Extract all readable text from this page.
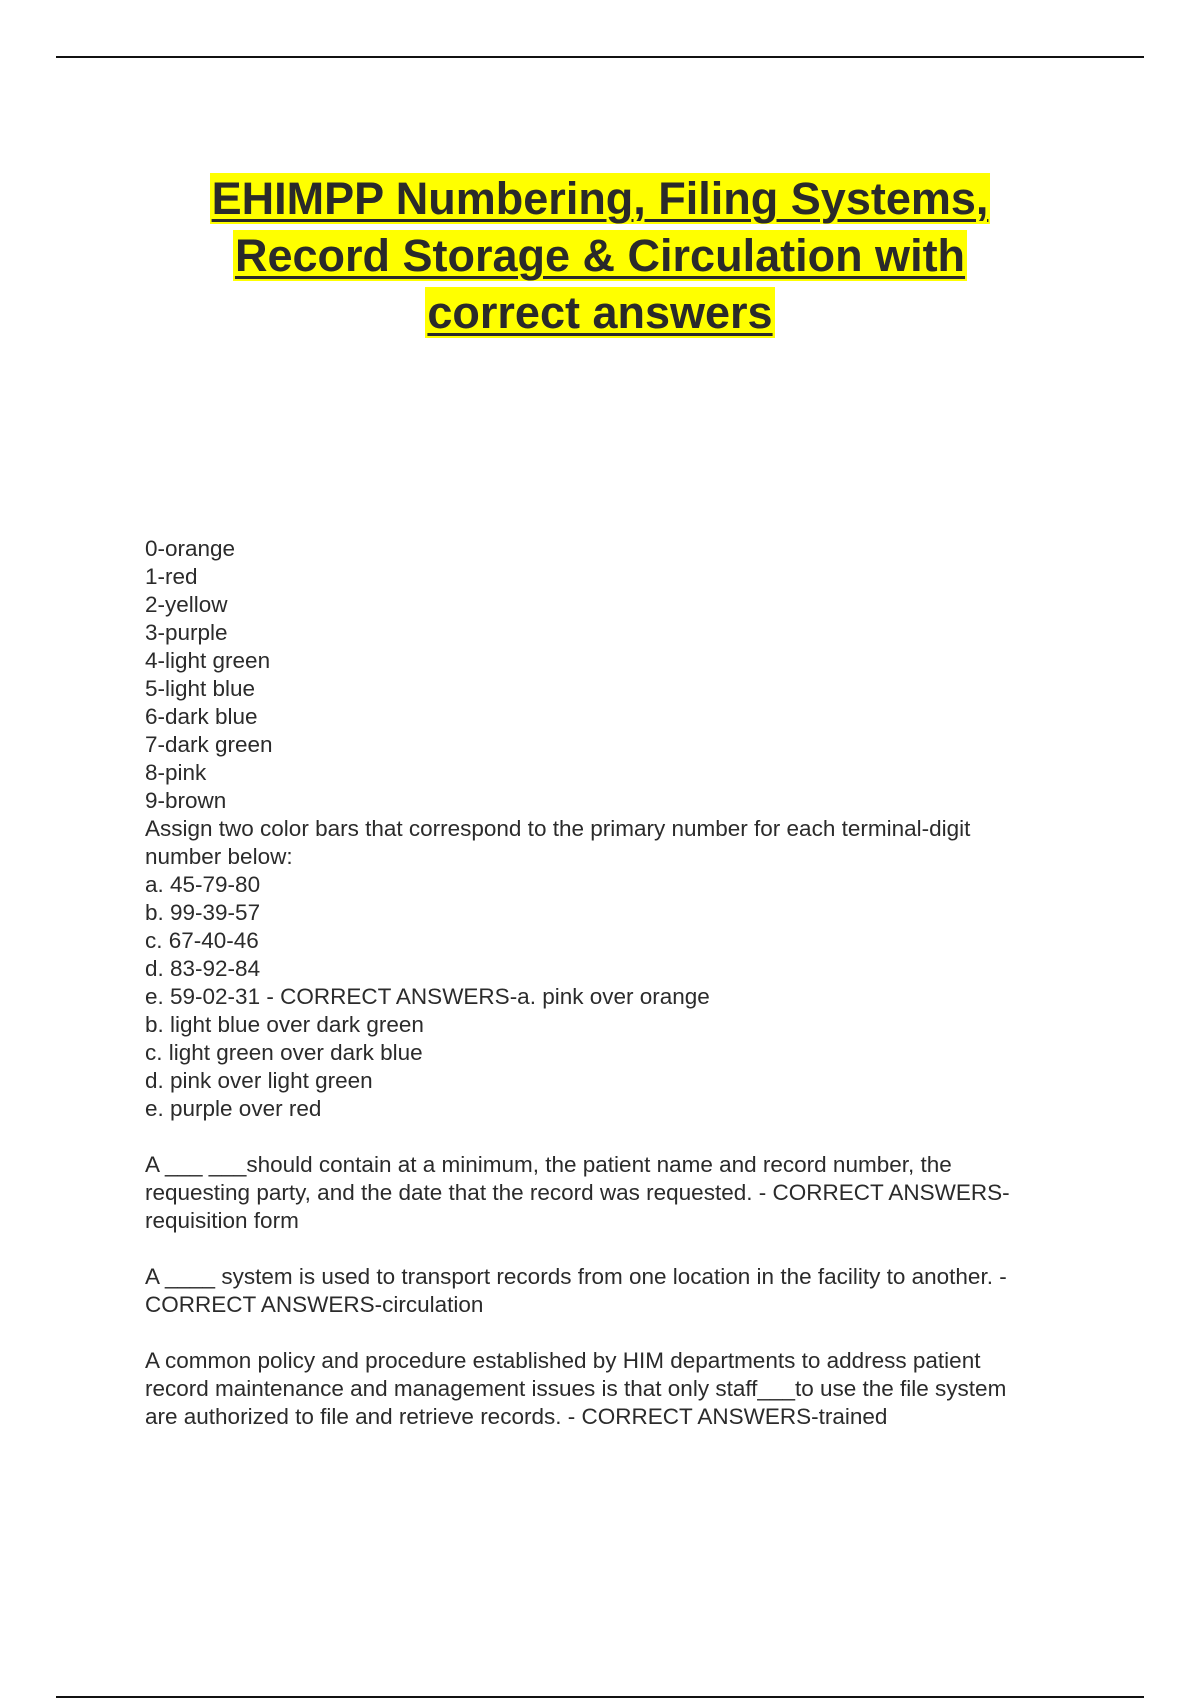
EHIMPP Numbering, Filing Systems,
Record Storage & Circulation with
correct answers
0-orange
1-red
2-yellow
3-purple
4-light green
5-light blue
6-dark blue
7-dark green
8-pink
9-brown
Assign two color bars that correspond to the primary number for each terminal-digit
number below:
a. 45-79-80
b. 99-39-57
c. 67-40-46
d. 83-92-84
e. 59-02-31 - CORRECT ANSWERS-a. pink over orange
b. light blue over dark green
c. light green over dark blue
d. pink over light green
e. purple over red
A ___ ___should contain at a minimum, the patient name and record number, the
requesting party, and the date that the record was requested. - CORRECT ANSWERS-
requisition form
A ____ system is used to transport records from one location in the facility to another. -
CORRECT ANSWERS-circulation
A common policy and procedure established by HIM departments to address patient
record maintenance and management issues is that only staff___to use the file system
are authorized to file and retrieve records. - CORRECT ANSWERS-trained
